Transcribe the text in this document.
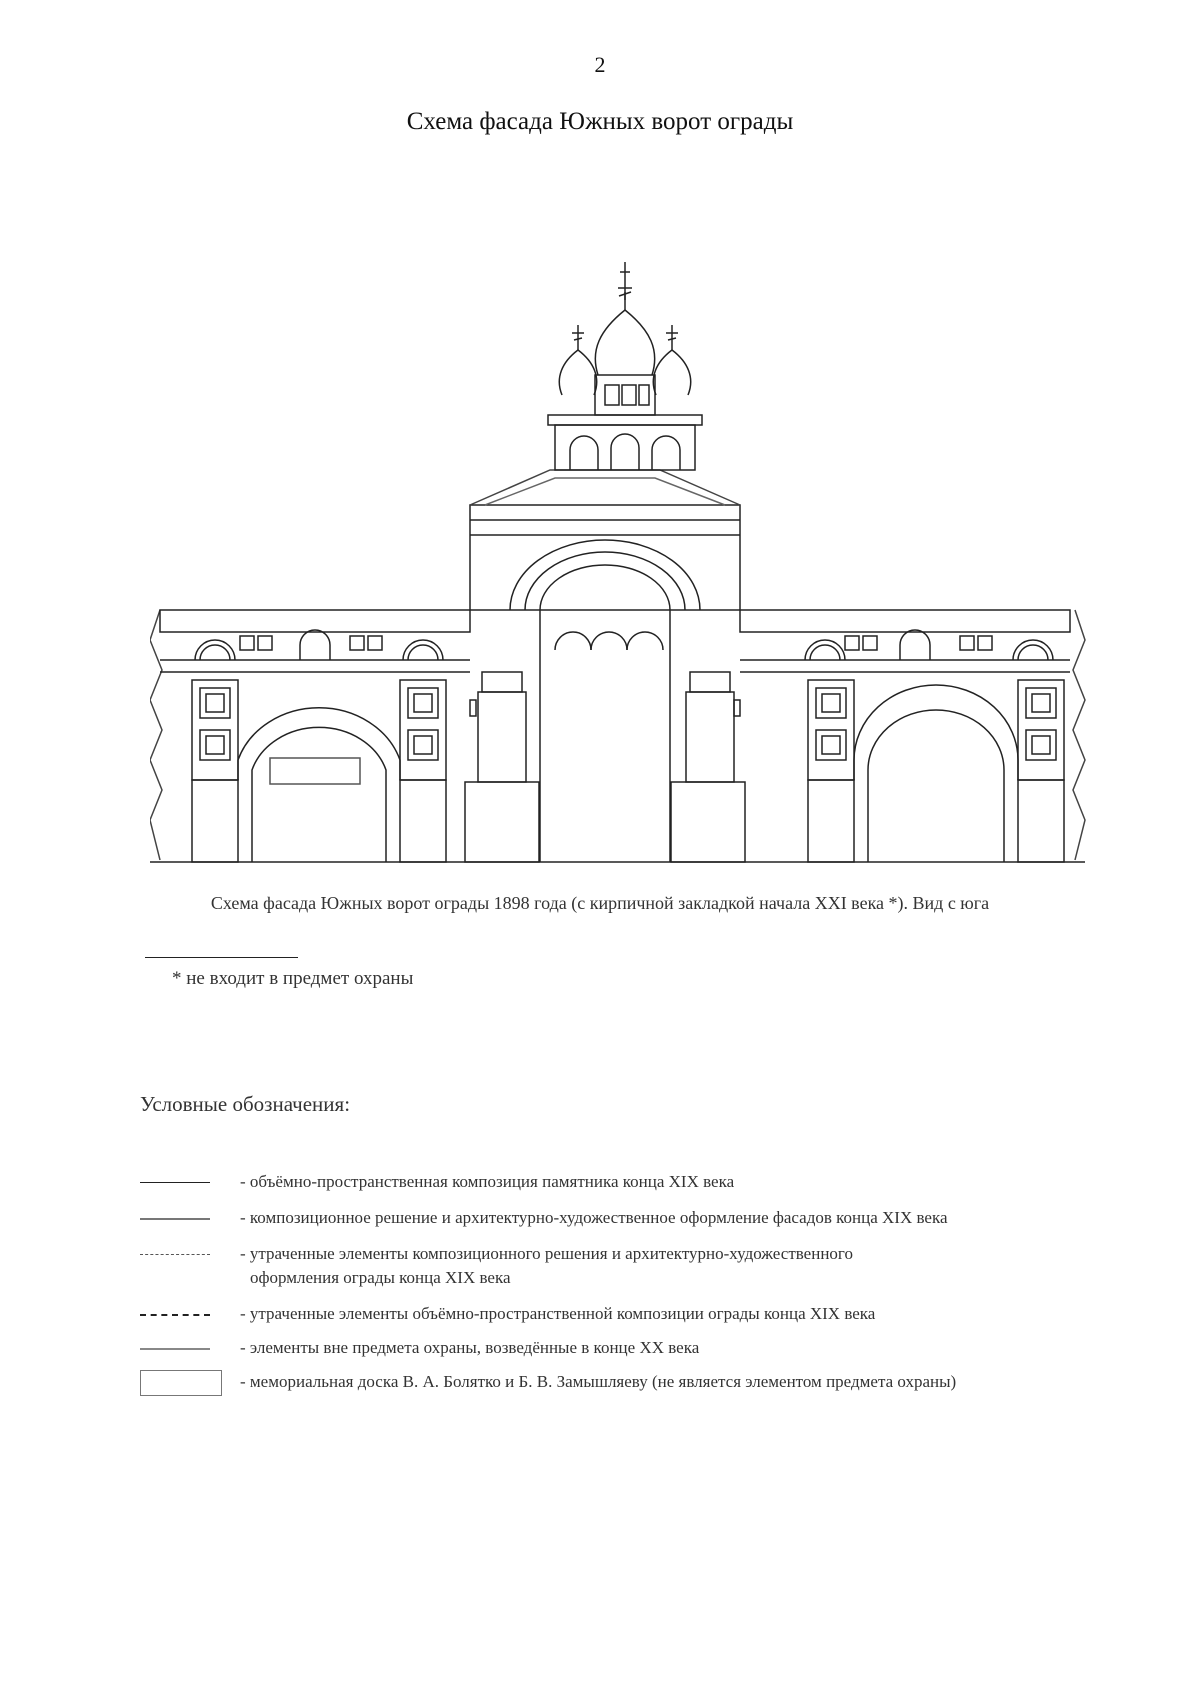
2
Схема фасада Южных ворот ограды
Схема фасада Южных ворот ограды 1898 года (с кирпичной закладкой начала XXI века *). Вид с юга
* не входит в предмет охраны
Условные обозначения:
- объёмно-пространственная композиция памятника конца XIX века
- композиционное решение и архитектурно-художественное оформление фасадов конца XIX века
- утраченные элементы композиционного решения и архитектурно-художественного
оформления ограды конца XIX века
- утраченные элементы объёмно-пространственной композиции ограды конца XIX века
- элементы вне предмета охраны, возведённые в конце XX века
- мемориальная доска В. А. Болятко и Б. В. Замышляеву (не является элементом предмета охраны)
